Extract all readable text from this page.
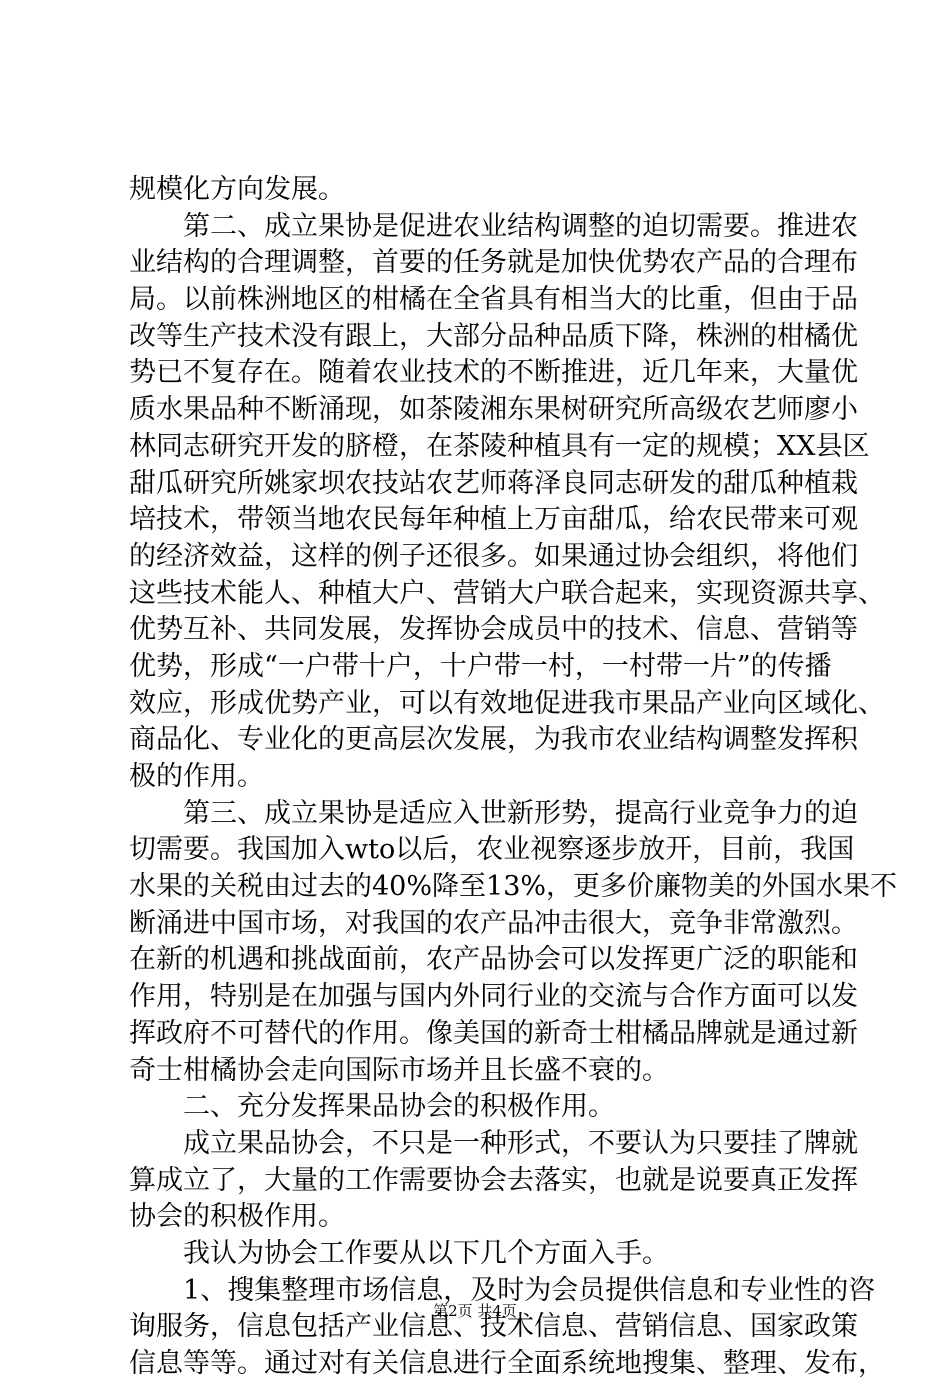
规模化方向发展。
第 二 、 成 立 果 协 是 促 进 农 业 结 构 调 整 的 迫 切 需 要 。 推 进 农
业 结 构 的 合 理 调 整 ， 首 要 的 任 务 就 是 加 快 优 势 农 产 品 的 合 理 布
局 。 以 前 株 洲 地 区 的 柑 橘 在 全 省 具 有 相 当 大 的 比 重 ， 但 由 于 品
改 等 生 产 技 术 没 有 跟 上 ， 大 部 分 品 种 品 质 下 降 ， 株 洲 的 柑 橘 优
势 已 不 复 存 在 。 随 着 农 业 技 术 的 不 断 推 进 ， 近 几 年 来 ， 大 量 优
质 水 果 品 种 不 断 涌 现 ， 如 茶 陵 湘 东 果 树 研 究 所 高 级 农 艺 师 廖 小
林 同 志 研 究 开 发 的 脐 橙 ， 在 茶 陵 种 植 具 有 一 定 的 规 模 ； XX 县 区
甜 瓜 研 究 所 姚 家 坝 农 技 站 农 艺 师 蒋 泽 良 同 志 研 发 的 甜 瓜 种 植 栽
培 技 术 ， 带 领 当 地 农 民 每 年 种 植 上 万 亩 甜 瓜 ， 给 农 民 带 来 可 观
的 经 济 效 益 ， 这 样 的 例 子 还 很 多 。 如 果 通 过 协 会 组 织 ， 将 他 们
这 些 技 术 能 人 、 种 植 大 户 、 营 销 大 户 联 合 起 来 ， 实 现 资 源 共 享 、
优 势 互 补 、 共 同 发 展 ， 发 挥 协 会 成 员 中 的 技 术 、 信 息 、 营 销 等
优 势 ， 形 成 “ 一 户 带 十 户 ， 十 户 带 一 村 ， 一 村 带 一 片 ” 的 传 播
效 应 ， 形 成 优 势 产 业 ， 可 以 有 效 地 促 进 我 市 果 品 产 业 向 区 域 化 、
商 品 化 、 专 业 化 的 更 高 层 次 发 展 ， 为 我 市 农 业 结 构 调 整 发 挥 积
极的作用。
第 三 、 成 立 果 协 是 适 应 入 世 新 形 势 ， 提 高 行 业 竞 争 力 的 迫
切 需 要 。 我 国 加 入 wto 以 后 ， 农 业 视 察 逐 步 放 开 ， 目 前 ， 我 国
水 果 的 关 税 由 过 去 的 40% 降 至 13% ， 更 多 价 廉 物 美 的 外 国 水 果 不
断 涌 进 中 国 市 场 ， 对 我 国 的 农 产 品 冲 击 很 大 ， 竞 争 非 常 激 烈 。
在 新 的 机 遇 和 挑 战 面 前 ， 农 产 品 协 会 可 以 发 挥 更 广 泛 的 职 能 和
作 用 ， 特 别 是 在 加 强 与 国 内 外 同 行 业 的 交 流 与 合 作 方 面 可 以 发
挥 政 府 不 可 替 代 的 作 用 。 像 美 国 的 新 奇 士 柑 橘 品 牌 就 是 通 过 新
奇士柑橘协会走向国际市场并且长盛不衰的。
二、充分发挥果品协会的积极作用。
成 立 果 品 协 会 ， 不 只 是 一 种 形 式 ， 不 要 认 为 只 要 挂 了 牌 就
算 成 立 了 ， 大 量 的 工 作 需 要 协 会 去 落 实 ， 也 就 是 说 要 真 正 发 挥
协会的积极作用。
我认为协会工作要从以下几个方面入手。
1 、 搜 集 整 理 市 场 信 息 ， 及 时 为 会 员 提 供 信 息 和 专 业 性 的 咨
询 服 务 ， 信 息 包 括 产 业 信 息 、 技 术 信 息 、 营 销 信 息 、 国 家 政 策
信 息 等 等 。 通 过 对 有 关 信 息 进 行 全 面 系 统 地 搜 集 、 整 理 、 发 布 ，
第2页 共4页
